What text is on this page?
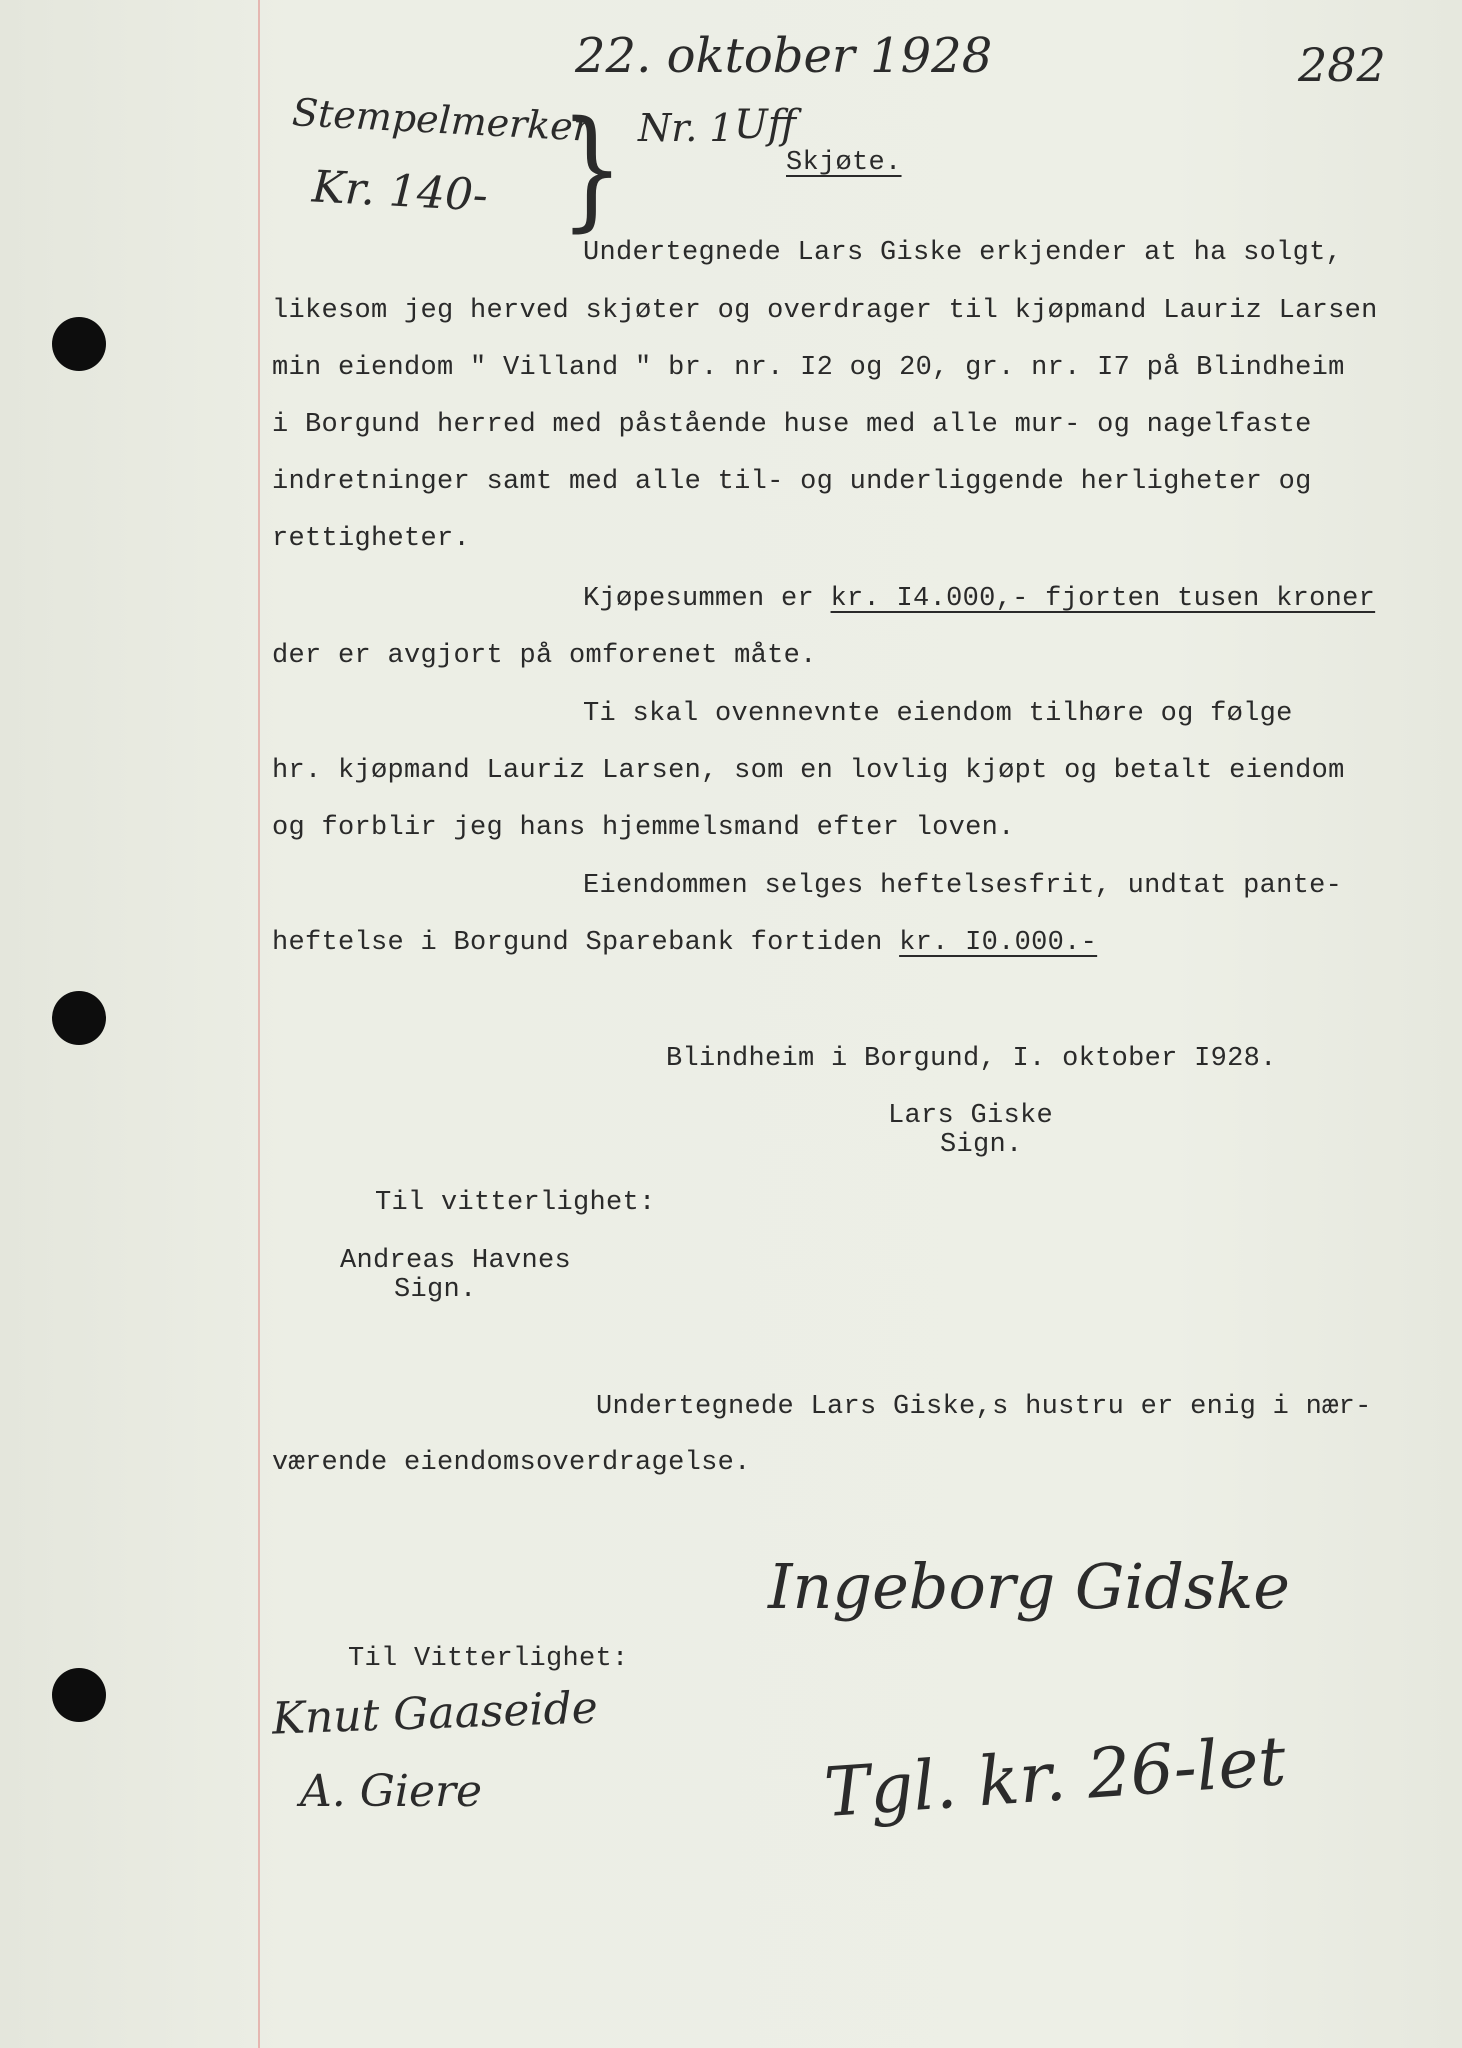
22. oktober 1928	282
Stempelmerker
Kr. 140- } Nr. 1 Uff
Skjøte.
Undertegnede Lars Giske erkjender at ha solgt,
likesom jeg herved skjøter og overdrager til kjøpmand Lauriz Larsen
min eiendom " Villand " br. nr. I2 og 20, gr. nr. I7 på Blindheim
i Borgund herred med påstående huse med alle mur- og nagelfaste
indretninger samt med alle til- og underliggende herligheter og
rettigheter.
Kjøpesummen er kr. I4.000,- fjorten tusen kroner
der er avgjort på omforenet måte.
Ti skal ovennevnte eiendom tilhøre og følge
hr. kjøpmand Lauriz Larsen, som en lovlig kjøpt og betalt eiendom
og forblir jeg hans hjemmelsmand efter loven.
Eiendommen selges heftelsesfrit, undtat pante-
heftelse i Borgund Sparebank fortiden kr. I0.000.-
Blindheim i Borgund, I. oktober I928.
Lars Giske
Sign.
Til vitterlighet:
Andreas Havnes
Sign.
Undertegnede Lars Giske,s hustru er enig i nær-
værende eiendomsoverdragelse.
Ingeborg Gidske
Til Vitterlighet:
Knut Gaaseide
A. Giere	Tgl. kr. 26-let
